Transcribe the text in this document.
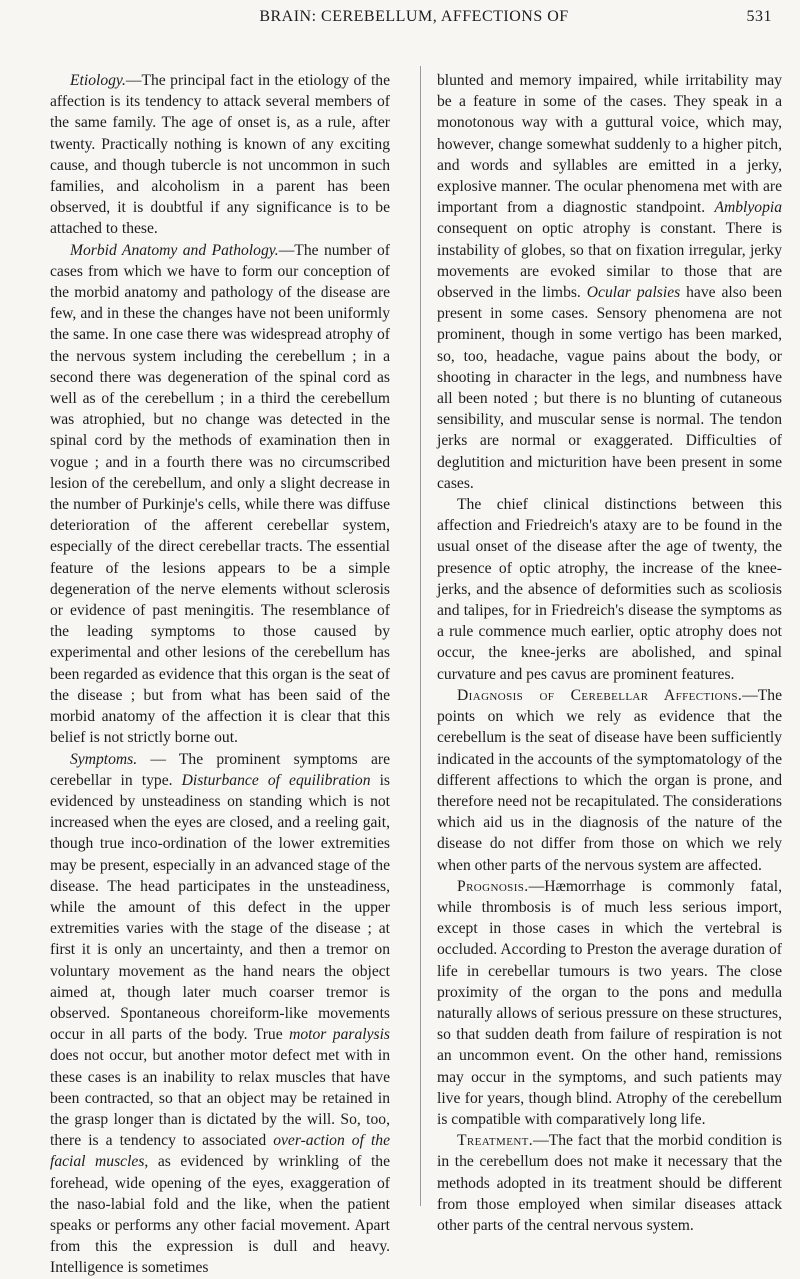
BRAIN: CEREBELLUM, AFFECTIONS OF	531

Etiology.—The principal fact in the etiology of the affection is its tendency to attack several members of the same family. The age of onset is, as a rule, after twenty. Practically nothing is known of any exciting cause, and though tubercle is not uncommon in such families, and alcoholism in a parent has been observed, it is doubtful if any significance is to be attached to these.

Morbid Anatomy and Pathology.—The number of cases from which we have to form our conception of the morbid anatomy and pathology of the disease are few, and in these the changes have not been uniformly the same. In one case there was widespread atrophy of the nervous system including the cerebellum ; in a second there was degeneration of the spinal cord as well as of the cerebellum ; in a third the cerebellum was atrophied, but no change was detected in the spinal cord by the methods of examination then in vogue ; and in a fourth there was no circumscribed lesion of the cerebellum, and only a slight decrease in the number of Purkinje's cells, while there was diffuse deterioration of the afferent cerebellar system, especially of the direct cerebellar tracts. The essential feature of the lesions appears to be a simple degeneration of the nerve elements without sclerosis or evidence of past meningitis. The resemblance of the leading symptoms to those caused by experimental and other lesions of the cerebellum has been regarded as evidence that this organ is the seat of the disease ; but from what has been said of the morbid anatomy of the affection it is clear that this belief is not strictly borne out.

Symptoms. — The prominent symptoms are cerebellar in type. Disturbance of equilibration is evidenced by unsteadiness on standing which is not increased when the eyes are closed, and a reeling gait, though true inco-ordination of the lower extremities may be present, especially in an advanced stage of the disease. The head participates in the unsteadiness, while the amount of this defect in the upper extremities varies with the stage of the disease ; at first it is only an uncertainty, and then a tremor on voluntary movement as the hand nears the object aimed at, though later much coarser tremor is observed. Spontaneous choreiform-like movements occur in all parts of the body. True motor paralysis does not occur, but another motor defect met with in these cases is an inability to relax muscles that have been contracted, so that an object may be retained in the grasp longer than is dictated by the will. So, too, there is a tendency to associated over-action of the facial muscles, as evidenced by wrinkling of the forehead, wide opening of the eyes, exaggeration of the naso-labial fold and the like, when the patient speaks or performs any other facial movement. Apart from this the expression is dull and heavy. Intelligence is sometimes

blunted and memory impaired, while irritability may be a feature in some of the cases. They speak in a monotonous way with a guttural voice, which may, however, change somewhat suddenly to a higher pitch, and words and syllables are emitted in a jerky, explosive manner. The ocular phenomena met with are important from a diagnostic standpoint. Amblyopia consequent on optic atrophy is constant. There is instability of globes, so that on fixation irregular, jerky movements are evoked similar to those that are observed in the limbs. Ocular palsies have also been present in some cases. Sensory phenomena are not prominent, though in some vertigo has been marked, so, too, headache, vague pains about the body, or shooting in character in the legs, and numbness have all been noted ; but there is no blunting of cutaneous sensibility, and muscular sense is normal. The tendon jerks are normal or exaggerated. Difficulties of deglutition and micturition have been present in some cases.

The chief clinical distinctions between this affection and Friedreich's ataxy are to be found in the usual onset of the disease after the age of twenty, the presence of optic atrophy, the increase of the knee-jerks, and the absence of deformities such as scoliosis and talipes, for in Friedreich's disease the symptoms as a rule commence much earlier, optic atrophy does not occur, the knee-jerks are abolished, and spinal curvature and pes cavus are prominent features.

Diagnosis of Cerebellar Affections.—The points on which we rely as evidence that the cerebellum is the seat of disease have been sufficiently indicated in the accounts of the symptomatology of the different affections to which the organ is prone, and therefore need not be recapitulated. The considerations which aid us in the diagnosis of the nature of the disease do not differ from those on which we rely when other parts of the nervous system are affected.

Prognosis.—Hæmorrhage is commonly fatal, while thrombosis is of much less serious import, except in those cases in which the vertebral is occluded. According to Preston the average duration of life in cerebellar tumours is two years. The close proximity of the organ to the pons and medulla naturally allows of serious pressure on these structures, so that sudden death from failure of respiration is not an uncommon event. On the other hand, remissions may occur in the symptoms, and such patients may live for years, though blind. Atrophy of the cerebellum is compatible with comparatively long life.

Treatment.—The fact that the morbid condition is in the cerebellum does not make it necessary that the methods adopted in its treatment should be different from those employed when similar diseases attack other parts of the central nervous system.
